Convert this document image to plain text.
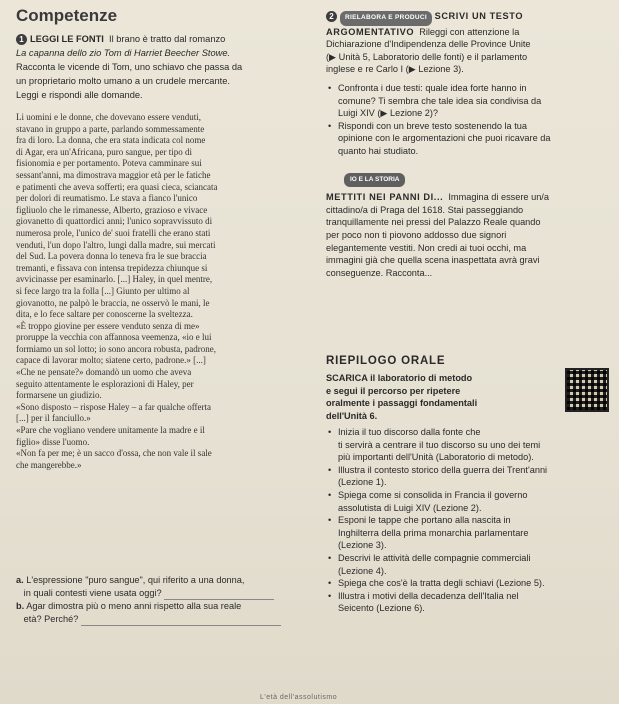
Competenze
1 LEGGI LE FONTI Il brano è tratto dal romanzo
La capanna dello zio Tom di Harriet Beecher Stowe.
Racconta le vicende di Tom, uno schiavo che passa da
un proprietario molto umano a un crudele mercante.
Leggi e rispondi alle domande.

Li uomini e le donne, che dovevano essere venduti,

stavano in gruppo a parte, parlando sommessamente

fra di loro. La donna, che era stata indicata col nome

di Agar, era un'Africana, puro sangue, per tipo di

fisionomia e per portamento. Poteva camminare sui

sessant'anni, ma dimostrava maggior età per le fatiche

e patimenti che aveva sofferti; era quasi cieca, sciancata

per dolori di reumatismo. Le stava a fianco l'unico

figliuolo che le rimanesse, Alberto, grazioso e vivace

giovanetto di quattordici anni; l'unico sopravvissuto di

numerosa prole, l'unico de' suoi fratelli che erano stati

venduti, l'un dopo l'altro, lungi dalla madre, sui mercati

del Sud. La povera donna lo teneva fra le sue braccia

tremanti, e fissava con intensa trepidezza chiunque si

avvicinasse per esaminarlo. [...] Haley, in quel mentre,

si fece largo tra la folla [...] Giunto per ultimo al

giovanotto, ne palpò le braccia, ne osservò le mani, le

dita, e lo fece saltare per conoscerne la sveltezza.

«È troppo giovine per essere venduto senza di me»

proruppe la vecchia con affannosa veemenza, «io e lui

formiamo un sol lotto; io sono ancora robusta, padrone,

capace di lavorar molto; siatene certo, padrone.» [...]

«Che ne pensate?» domandò un uomo che aveva

seguito attentamente le esplorazioni di Haley, per

formarsene un giudizio.

«Sono disposto – rispose Haley – a far qualche offerta

[...] per il fanciullo.»

«Pare che vogliano vendere unitamente la madre e il

figlio» disse l'uomo.

«Non fa per me; è un sacco d'ossa, che non vale il sale

che mangerebbe.»

a. L'espressione "puro sangue", qui riferito a una donna,
in quali contesti viene usata oggi?
b. Agar dimostra più o meno anni rispetto alla sua reale
età? Perché?
2 RIELABORA E PRODUCI SCRIVI UN TESTO
ARGOMENTATIVO Rileggi con attenzione la
Dichiarazione d'Indipendenza delle Province Unite
(▶ Unità 5, Laboratorio delle fonti) e il parlamento
inglese e re Carlo I (▶ Lezione 3).
• Confronta i due testi: quale idea forte hanno in
comune? Ti sembra che tale idea sia condivisa da
Luigi XIV (▶ Lezione 2)?
• Rispondi con un breve testo sostenendo la tua
opinione con le argomentazioni che puoi ricavare da
quanto hai studiato.
IO E LA STORIA
METTITI NEI PANNI DI... Immagina di essere un/a
cittadino/a di Praga del 1618. Stai passeggiando
tranquillamente nei pressi del Palazzo Reale quando
per poco non ti piovono addosso due signori
elegantemente vestiti. Non credi ai tuoi occhi, ma
immagini già che quella scena inaspettata avrà gravi
conseguenze. Racconta...
RIEPILOGO ORALE
SCARICA il laboratorio di metodo
e segui il percorso per ripetere
oralmente i passaggi fondamentali
dell'Unità 6.
• Inizia il tuo discorso dalla fonte che
ti servirà a centrare il tuo discorso su uno dei temi
più importanti dell'Unità (Laboratorio di metodo).
• Illustra il contesto storico della guerra dei Trent'anni
(Lezione 1).
• Spiega come si consolida in Francia il governo
assolutista di Luigi XIV (Lezione 2).
• Esponi le tappe che portano alla nascita in
Inghilterra della prima monarchia parlamentare
(Lezione 3).
• Descrivi le attività delle compagnie commerciali
(Lezione 4).
• Spiega che cos'è la tratta degli schiavi (Lezione 5).
• Illustra i motivi della decadenza dell'Italia nel
Seicento (Lezione 6).
L'età dell'assolutismo
